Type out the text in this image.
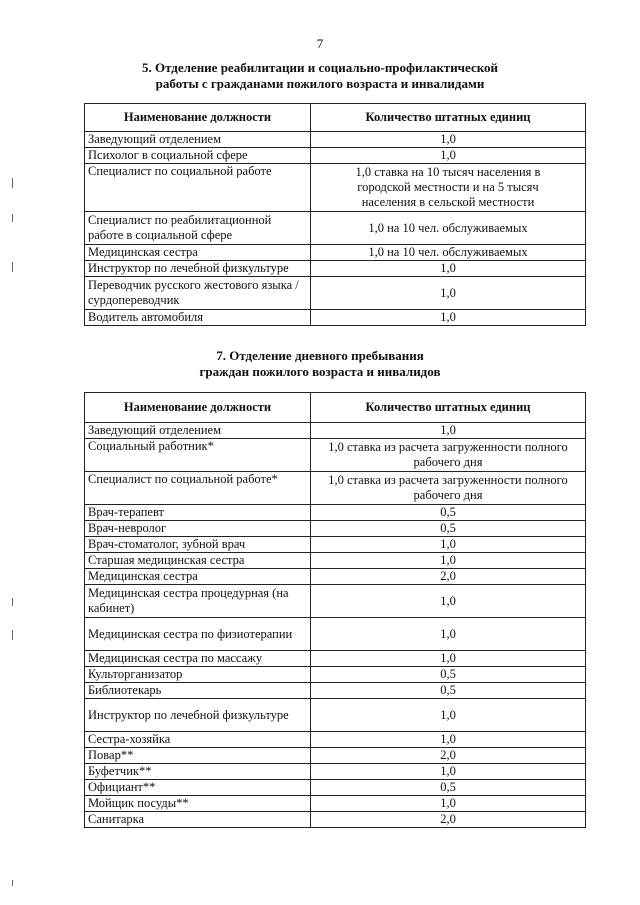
7
5. Отделение реабилитации и социально-профилактической
работы с гражданами пожилого возраста и инвалидами
Наименование должности	Количество штатных единиц
Заведующий отделением	1,0
Психолог в социальной сфере	1,0
Специалист по социальной работе	1,0 ставка на 10 тысяч населения в городской местности и на 5 тысяч населения в сельской местности
Специалист по реабилитационной работе в социальной сфере	1,0 на 10 чел. обслуживаемых
Медицинская сестра	1,0 на 10 чел. обслуживаемых
Инструктор по лечебной физкультуре	1,0
Переводчик русского жестового языка / сурдопереводчик	1,0
Водитель автомобиля	1,0
7. Отделение дневного пребывания
граждан пожилого возраста и инвалидов
Наименование должности	Количество штатных единиц
Заведующий отделением	1,0
Социальный работник*	1,0 ставка из расчета загруженности полного рабочего дня
Специалист по социальной работе*	1,0 ставка из расчета загруженности полного рабочего дня
Врач-терапевт	0,5
Врач-невролог	0,5
Врач-стоматолог, зубной врач	1,0
Старшая медицинская сестра	1,0
Медицинская сестра	2,0
Медицинская сестра процедурная (на кабинет)	1,0
Медицинская сестра по физиотерапии	1,0
Медицинская сестра по массажу	1,0
Культорганизатор	0,5
Библиотекарь	0,5
Инструктор по лечебной физкультуре	1,0
Сестра-хозяйка	1,0
Повар**	2,0
Буфетчик**	1,0
Официант**	0,5
Мойщик посуды**	1,0
Санитарка	2,0
